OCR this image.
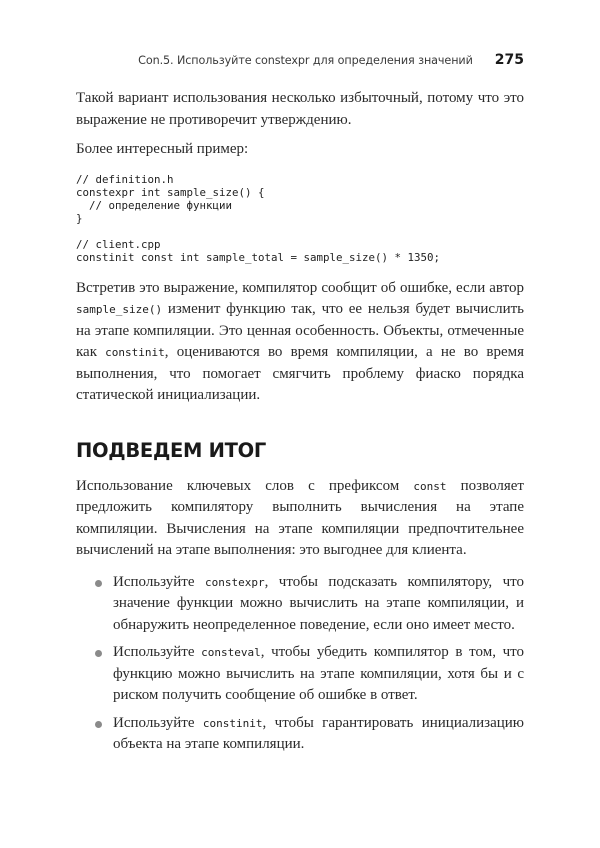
Con.5. Используйте constexpr для определения значений 275

Такой вариант использования несколько избыточный, потому что это выражение не противоречит утверждению.

Более интересный пример:

// definition.h
constexpr int sample_size() {
// определение функции
}

// client.cpp
constinit const int sample_total = sample_size() * 1350;

Встретив это выражение, компилятор сообщит об ошибке, если автор sample_size() изменит функцию так, что ее нельзя будет вычислить на этапе компиляции. Это ценная особенность. Объекты, отмеченные как constinit, оцениваются во время компиляции, а не во время выполнения, что помогает смягчить проблему фиаско порядка статической инициализации.

ПОДВЕДЕМ ИТОГ

Использование ключевых слов с префиксом const позволяет предложить компилятору выполнить вычисления на этапе компиляции. Вычисления на этапе компиляции предпочтительнее вычислений на этапе выполнения: это выгоднее для клиента.

Используйте constexpr, чтобы подсказать компилятору, что значение функции можно вычислить на этапе компиляции, и обнаружить неопределенное поведение, если оно имеет место.
Используйте consteval, чтобы убедить компилятор в том, что функцию можно вычислить на этапе компиляции, хотя бы и с риском получить сообщение об ошибке в ответ.
Используйте constinit, чтобы гарантировать инициализацию объекта на этапе компиляции.
